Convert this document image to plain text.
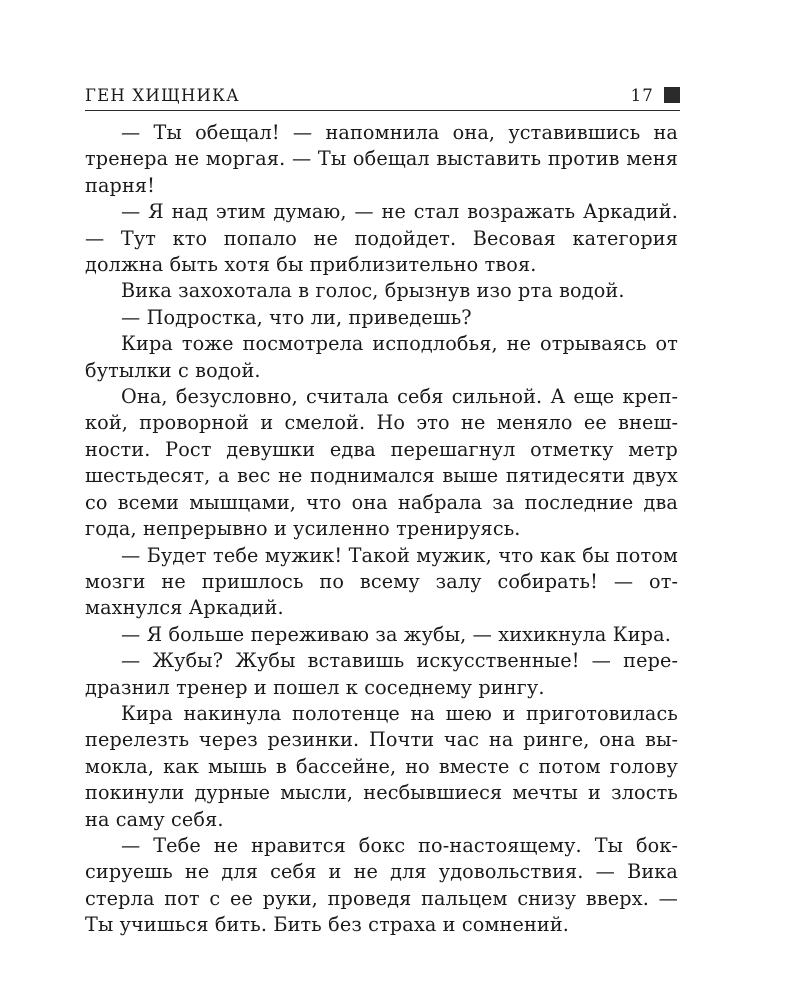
ГЕН ХИЩНИКА	17

— Ты обещал! — напомнила она, уставившись на тренера не моргая. — Ты обещал выставить против меня парня!

— Я над этим думаю, — не стал возражать Аркадий. — Тут кто попало не подойдет. Весовая категория должна быть хотя бы приблизительно твоя.

Вика захохотала в голос, брызнув изо рта водой.

— Подростка, что ли, приведешь?

Кира тоже посмотрела исподлобья, не отрываясь от бутылки с водой.

Она, безусловно, считала себя сильной. А еще крепкой, проворной и смелой. Но это не меняло ее внешности. Рост девушки едва перешагнул отметку метр шестьдесят, а вес не поднимался выше пятидесяти двух со всеми мышцами, что она набрала за последние два года, непрерывно и усиленно тренируясь.

— Будет тебе мужик! Такой мужик, что как бы потом мозги не пришлось по всему залу собирать! — отмахнулся Аркадий.

— Я больше переживаю за жубы, — хихикнула Кира.

— Жубы? Жубы вставишь искусственные! — передразнил тренер и пошел к соседнему рингу.

Кира накинула полотенце на шею и приготовилась перелезть через резинки. Почти час на ринге, она вымокла, как мышь в бассейне, но вместе с потом голову покинули дурные мысли, несбывшиеся мечты и злость на саму себя.

— Тебе не нравится бокс по-настоящему. Ты боксируешь не для себя и не для удовольствия. — Вика стерла пот с ее руки, проведя пальцем снизу вверх. — Ты учишься бить. Бить без страха и сомнений.
